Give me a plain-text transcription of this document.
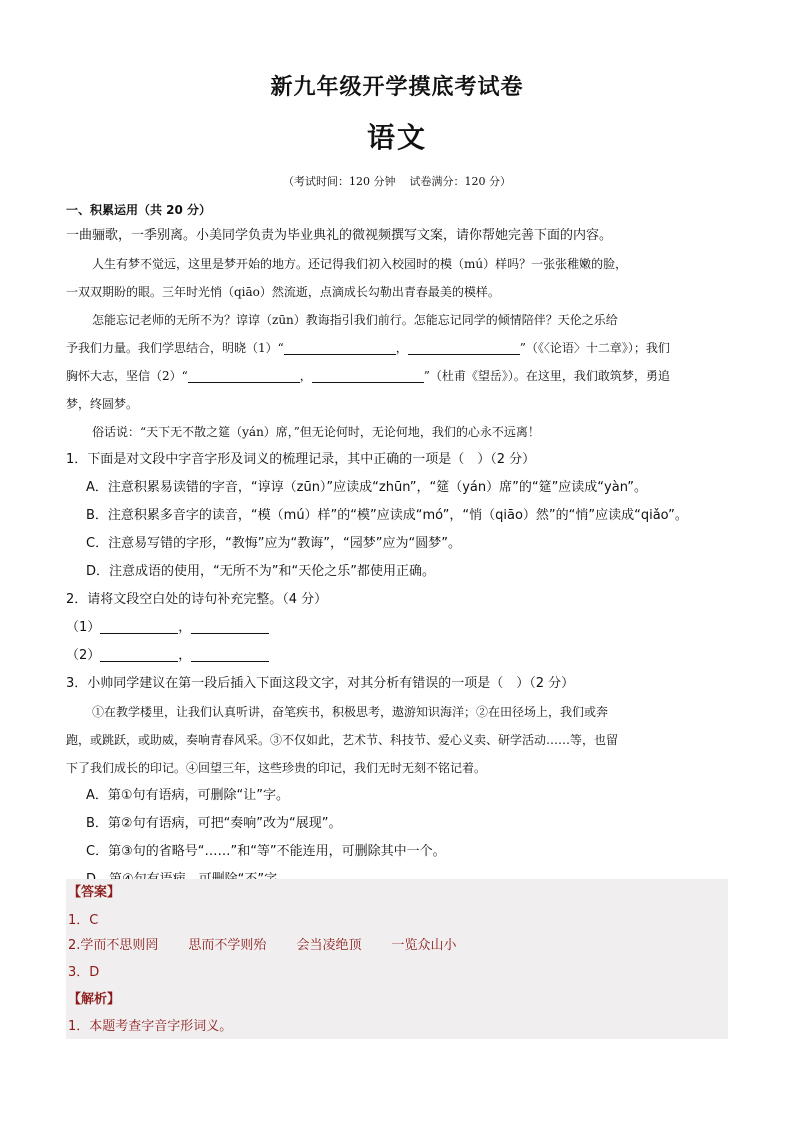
新九年级开学摸底考试卷
语文
（考试时间：120 分钟 试卷满分：120 分）
一、积累运用（共 20 分）
一曲骊歌，一季别离。小美同学负责为毕业典礼的微视频撰写文案，请你帮她完善下面的内容。
人生有梦不觉远，这里是梦开始的地方。还记得我们初入校园时的模（mú）样吗？一张张稚嫩的脸，
一双双期盼的眼。三年时光悄（qiāo）然流逝，点滴成长勾勒出青春最美的模样。
怎能忘记老师的无所不为？谆谆（zūn）教诲指引我们前行。怎能忘记同学的倾情陪伴？天伦之乐给
予我们力量。我们学思结合，明晓（1）“	，	”（《〈论语〉十二章》）；我们
胸怀大志，坚信（2）“	，	”（杜甫《望岳》）。在这里，我们敢筑梦，勇追
梦，终圆梦。
俗话说：“天下无不散之筵（yán）席，”但无论何时，无论何地，我们的心永不远离！
1．下面是对文段中字音字形及词义的梳理记录，其中正确的一项是（　）（2 分）
A．注意积累易读错的字音，“谆谆（zūn）”应读成“zhūn”，“筵（yán）席”的“筵”应读成“yàn”。
B．注意积累多音字的读音，“模（mú）样”的“模”应读成“mó”，“悄（qiāo）然”的“悄”应读成“qiǎo”。
C．注意易写错的字形，“教悔”应为“教诲”，“园梦”应为“圆梦”。
D．注意成语的使用，“无所不为”和“天伦之乐”都使用正确。
2．请将文段空白处的诗句补充完整。（4 分）
（1）	，
（2）	，
3．小帅同学建议在第一段后插入下面这段文字，对其分析有错误的一项是（　）（2 分）
①在教学楼里，让我们认真听讲，奋笔疾书，积极思考，遨游知识海洋；②在田径场上，我们或奔
跑，或跳跃，或助威，奏响青春风采。③不仅如此，艺术节、科技节、爱心义卖、研学活动……等，也留
下了我们成长的印记。④回望三年，这些珍贵的印记，我们无时无刻不铭记着。
A．第①句有语病，可删除“让”字。
B．第②句有语病，可把“奏响”改为“展现”。
C．第③句的省略号“……”和“等”不能连用，可删除其中一个。
【答案】
1．C
2.学而不思则罔 思而不学则殆 会当凌绝顶 一览众山小
3．D
【解析】
1．本题考查字音字形词义。
